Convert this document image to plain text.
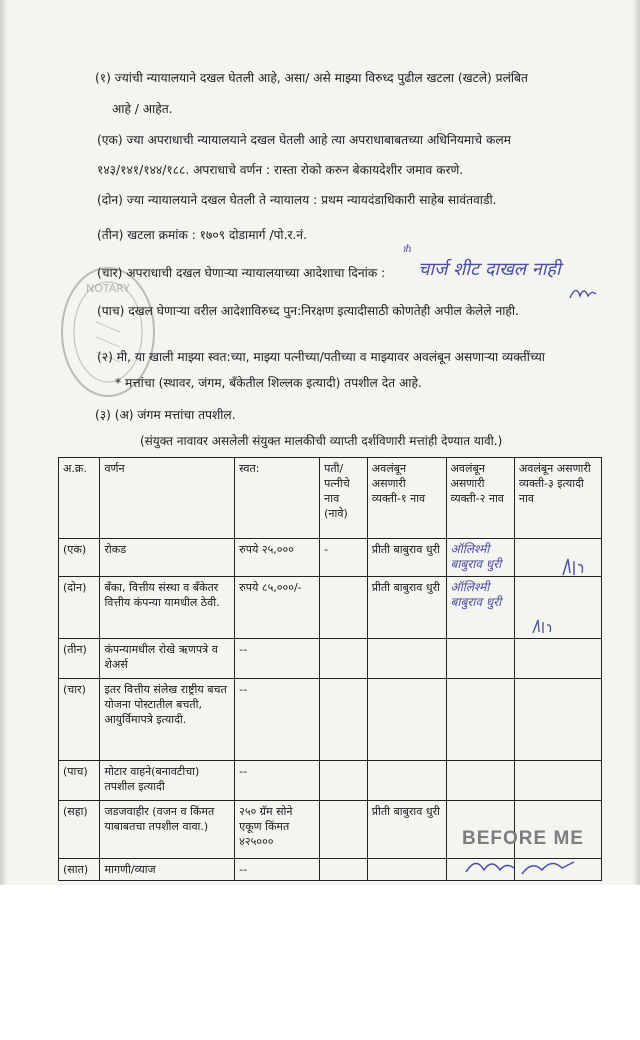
NOTARY
(१) ज्यांची न्यायालयाने दखल घेतली आहे, असा/ असे माझ्या विरुध्द पुढील खटला (खटले) प्रलंबित
आहे / आहेत.
(एक) ज्या अपराधाची न्यायालयाने दखल घेतली आहे त्या अपराधाबाबतच्या अधिनियमाचे कलम
१४३/१४१/१४४/१८८. अपराधाचे वर्णन : रास्ता रोको करुन बेकायदेशीर जमाव करणे.
(दोन) ज्या न्यायालयाने दखल घेतली ते न्यायालय : प्रथम न्यायदंडाधिकारी साहेब सावंतवाडी.
(तीन) खटला क्रमांक : १७०९ दोडामार्ग /पो.र.नं.
(चार) अपराधाची दखल घेणाऱ्या न्यायालयाच्या आदेशाचा दिनांक : चार्ज शीट दाखल नाही
℩ℏ
(पाच) दखल घेणाऱ्या वरील आदेशाविरुध्द पुन:निरक्षण इत्यादीसाठी कोणतेही अपील केलेले नाही.
(२) मी, या खाली माझ्या स्वत:च्या, माझ्या पत्नीच्या/पतीच्या व माझ्यावर अवलंबून असणाऱ्या व्यक्तींच्या
* मत्तांचा (स्थावर, जंगम, बँकेतील शिल्लक इत्यादी) तपशील देत आहे.
(३) (अ) जंगम मत्तांचा तपशील.
(संयुक्त नावावर असलेली संयुक्त मालकीची व्याप्ती दर्शविणारी मत्तांही देण्यात यावी.)
अ.क्र.	वर्णन	स्वत:	पती/पत्नीचे नाव (नावे)	अवलंबून असणारी व्यक्ती-१ नाव	अवलंबून असणारी व्यक्ती-२ नाव	अवलंबून असणारी व्यक्ती-३ इत्यादी नाव
(एक)	रोकड	रुपये २५,०००	-	प्रीती बाबुराव धुरी	ऑलिश्मी बाबुराव धुरी	
(दोन)	बँका, वित्तीय संस्था व बँकेतर वित्तीय कंपन्या यामधील ठेवी.	रुपये ८५,०००/-		प्रीती बाबुराव धुरी	ऑलिश्मी बाबुराव धुरी	
(तीन)	कंपन्यामधील रोखे ऋणपत्रे व शेअर्स	--				
(चार)	इतर वित्तीय संलेख राष्ट्रीय बचत योजना पोस्टातील बचती, आयुर्विमापत्रे इत्यादी.	--				
(पाच)	मोटार वाहने(बनावटीचा) तपशील इत्यादी	--				
(सहा)	जडजवाहीर (वजन व किंमत याबाबतचा तपशील वावा.)	२५० ग्रॅम सोने एकूण किंमत ४२५०००		प्रीती बाबुराव धुरी		
(सात)	मागणी/व्याज	--				
BEFORE ME
